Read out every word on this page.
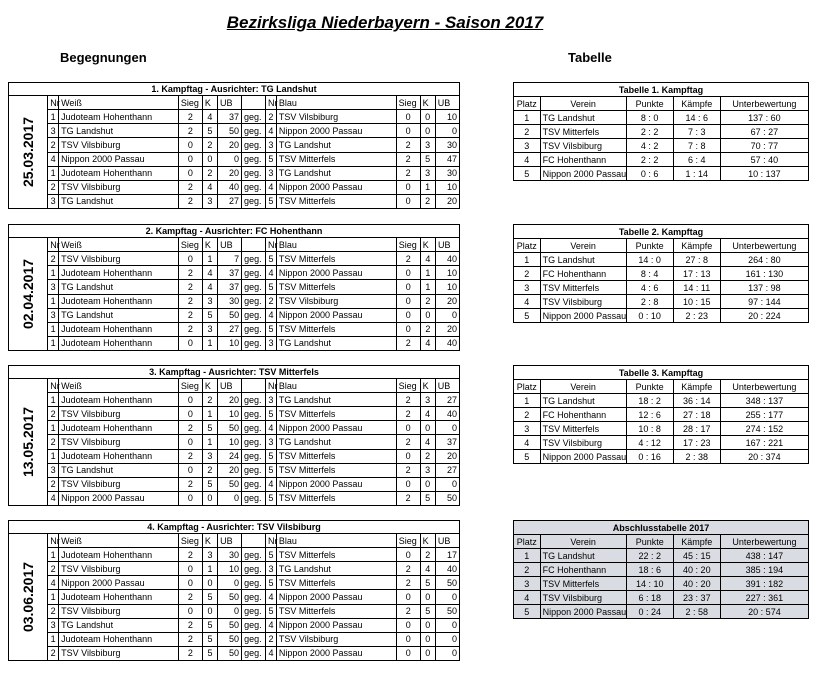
Bezirksliga Niederbayern - Saison 2017
Begegnungen	Tabelle
1. Kampftag - Ausrichter: TG Landshut											

25.03.2017	Nr	Weiß	Sieg	K	UB		Nr	Blau	Sieg	K	UB
	1	Judoteam Hohenthann	2	4	37	geg.	2	TSV Vilsbiburg	0	0	10
	3	TG Landshut	2	5	50	geg.	4	Nippon 2000 Passau	0	0	0
	2	TSV Vilsbiburg	0	2	20	geg.	3	TG Landshut	2	3	30
	4	Nippon 2000 Passau	0	0	0	geg.	5	TSV Mitterfels	2	5	47
	1	Judoteam Hohenthann	0	2	20	geg.	3	TG Landshut	2	3	30
	2	TSV Vilsbiburg	2	4	40	geg.	4	Nippon 2000 Passau	0	1	10
	3	TG Landshut	2	3	27	geg.	5	TSV Mitterfels	0	2	20
2. Kampftag - Ausrichter: FC Hohenthann											

02.04.2017	Nr	Weiß	Sieg	K	UB		Nr	Blau	Sieg	K	UB
	2	TSV Vilsbiburg	0	1	7	geg.	5	TSV Mitterfels	2	4	40
	1	Judoteam Hohenthann	2	4	37	geg.	4	Nippon 2000 Passau	0	1	10
	3	TG Landshut	2	4	37	geg.	5	TSV Mitterfels	0	1	10
	1	Judoteam Hohenthann	2	3	30	geg.	2	TSV Vilsbiburg	0	2	20
	3	TG Landshut	2	5	50	geg.	4	Nippon 2000 Passau	0	0	0
	1	Judoteam Hohenthann	2	3	27	geg.	5	TSV Mitterfels	0	2	20
	1	Judoteam Hohenthann	0	1	10	geg.	3	TG Landshut	2	4	40
3. Kampftag - Ausrichter: TSV Mitterfels											

13.05.2017	Nr	Weiß	Sieg	K	UB		Nr	Blau	Sieg	K	UB
	1	Judoteam Hohenthann	0	2	20	geg.	3	TG Landshut	2	3	27
	2	TSV Vilsbiburg	0	1	10	geg.	5	TSV Mitterfels	2	4	40
	1	Judoteam Hohenthann	2	5	50	geg.	4	Nippon 2000 Passau	0	0	0
	2	TSV Vilsbiburg	0	1	10	geg.	3	TG Landshut	2	4	37
	1	Judoteam Hohenthann	2	3	24	geg.	5	TSV Mitterfels	0	2	20
	3	TG Landshut	0	2	20	geg.	5	TSV Mitterfels	2	3	27
	2	TSV Vilsbiburg	2	5	50	geg.	4	Nippon 2000 Passau	0	0	0
	4	Nippon 2000 Passau	0	0	0	geg.	5	TSV Mitterfels	2	5	50
4. Kampftag - Ausrichter: TSV Vilsbiburg											

03.06.2017	Nr	Weiß	Sieg	K	UB		Nr	Blau	Sieg	K	UB
	1	Judoteam Hohenthann	2	3	30	geg.	5	TSV Mitterfels	0	2	17
	2	TSV Vilsbiburg	0	1	10	geg.	3	TG Landshut	2	4	40
	4	Nippon 2000 Passau	0	0	0	geg.	5	TSV Mitterfels	2	5	50
	1	Judoteam Hohenthann	2	5	50	geg.	4	Nippon 2000 Passau	0	0	0
	2	TSV Vilsbiburg	0	0	0	geg.	5	TSV Mitterfels	2	5	50
	3	TG Landshut	2	5	50	geg.	4	Nippon 2000 Passau	0	0	0
	1	Judoteam Hohenthann	2	5	50	geg.	2	TSV Vilsbiburg	0	0	0
	2	TSV Vilsbiburg	2	5	50	geg.	4	Nippon 2000 Passau	0	0	0
Tabelle 1. Kampftag				
Platz	Verein	Punkte	Kämpfe	Unterbewertung
1	TG Landshut	8 : 0	14 : 6	137 : 60
2	TSV Mitterfels	2 : 2	7 : 3	67 : 27
3	TSV Vilsbiburg	4 : 2	7 : 8	70 : 77
4	FC Hohenthann	2 : 2	6 : 4	57 : 40
5	Nippon 2000 Passau	0 : 6	1 : 14	10 : 137
Tabelle 2. Kampftag				
Platz	Verein	Punkte	Kämpfe	Unterbewertung
1	TG Landshut	14 : 0	27 : 8	264 : 80
2	FC Hohenthann	8 : 4	17 : 13	161 : 130
3	TSV Mitterfels	4 : 6	14 : 11	137 : 98
4	TSV Vilsbiburg	2 : 8	10 : 15	97 : 144
5	Nippon 2000 Passau	0 : 10	2 : 23	20 : 224
Tabelle 3. Kampftag				
Platz	Verein	Punkte	Kämpfe	Unterbewertung
1	TG Landshut	18 : 2	36 : 14	348 : 137
2	FC Hohenthann	12 : 6	27 : 18	255 : 177
3	TSV Mitterfels	10 : 8	28 : 17	274 : 152
4	TSV Vilsbiburg	4 : 12	17 : 23	167 : 221
5	Nippon 2000 Passau	0 : 16	2 : 38	20 : 374
Abschlusstabelle 2017				
Platz	Verein	Punkte	Kämpfe	Unterbewertung
1	TG Landshut	22 : 2	45 : 15	438 : 147
2	FC Hohenthann	18 : 6	40 : 20	385 : 194
3	TSV Mitterfels	14 : 10	40 : 20	391 : 182
4	TSV Vilsbiburg	6 : 18	23 : 37	227 : 361
5	Nippon 2000 Passau	0 : 24	2 : 58	20 : 574
